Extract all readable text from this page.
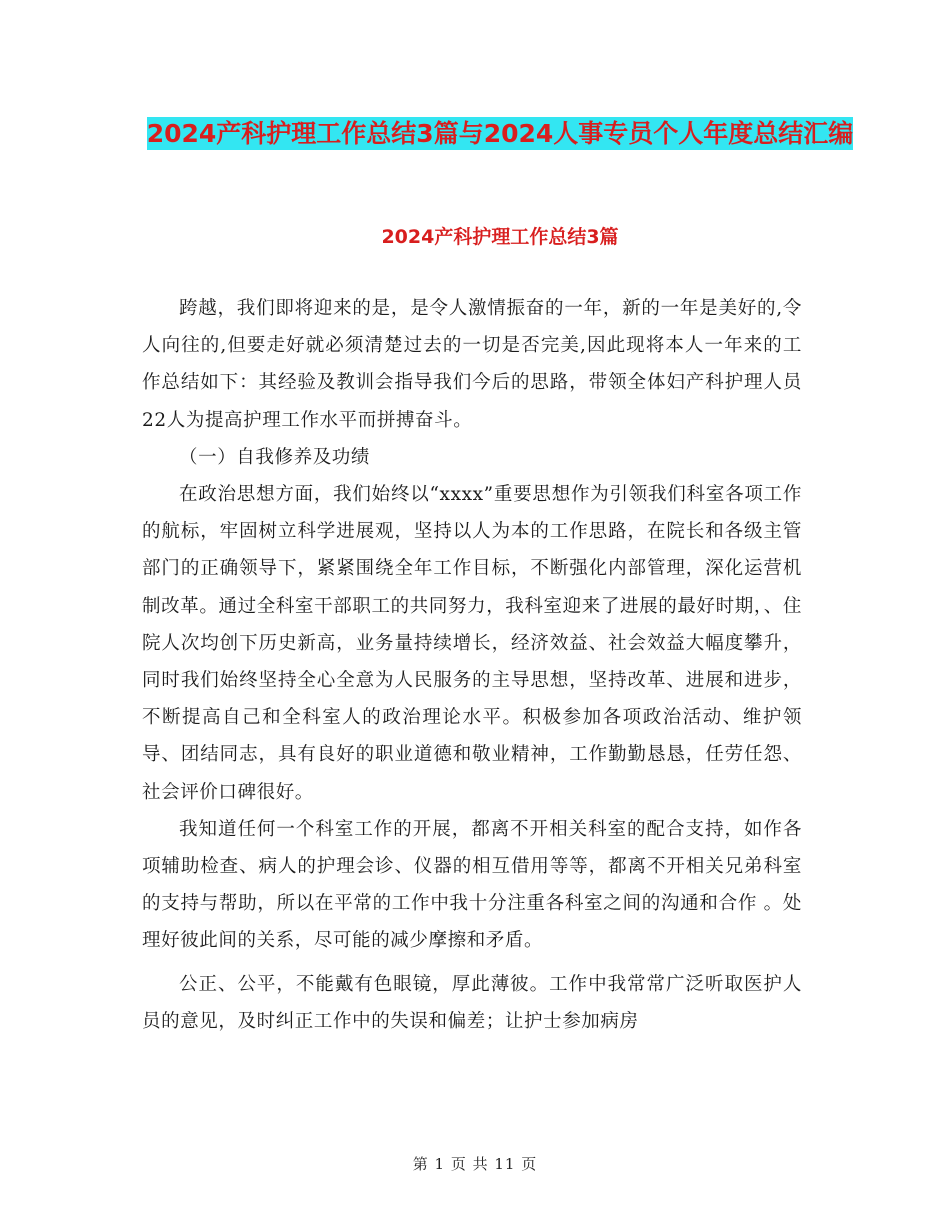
2024产科护理工作总结3篇与2024人事专员个人年度总结汇编
2024产科护理工作总结3篇

跨越，我们即将迎来的是，是令人激情振奋的一年，新的一年是美好的,令人向往的,但要走好就必须清楚过去的一切是否完美,因此现将本人一年来的工作总结如下：其经验及教训会指导我们今后的思路，带领全体妇产科护理人员22人为提高护理工作水平而拼搏奋斗。

（一）自我修养及功绩

在政治思想方面，我们始终以“xxxx”重要思想作为引领我们科室各项工作的航标，牢固树立科学进展观，坚持以人为本的工作思路，在院长和各级主管部门的正确领导下，紧紧围绕全年工作目标，不断强化内部管理，深化运营机制改革。通过全科室干部职工的共同努力，我科室迎来了进展的最好时期，、住院人次均创下历史新高，业务量持续增长，经济效益、社会效益大幅度攀升，同时我们始终坚持全心全意为人民服务的主导思想，坚持改革、进展和进步，不断提高自己和全科室人的政治理论水平。积极参加各项政治活动、维护领导、团结同志，具有良好的职业道德和敬业精神，工作勤勤恳恳，任劳任怨、社会评价口碑很好。

我知道任何一个科室工作的开展，都离不开相关科室的配合支持，如作各项辅助检查、病人的护理会诊、仪器的相互借用等等，都离不开相关兄弟科室的支持与帮助，所以在平常的工作中我十分注重各科室之间的沟通和合作 。处理好彼此间的关系，尽可能的减少摩擦和矛盾。

公正、公平，不能戴有色眼镜，厚此薄彼。工作中我常常广泛听取医护人员的意见，及时纠正工作中的失误和偏差；让护士参加病房

第 1 页 共 11 页
